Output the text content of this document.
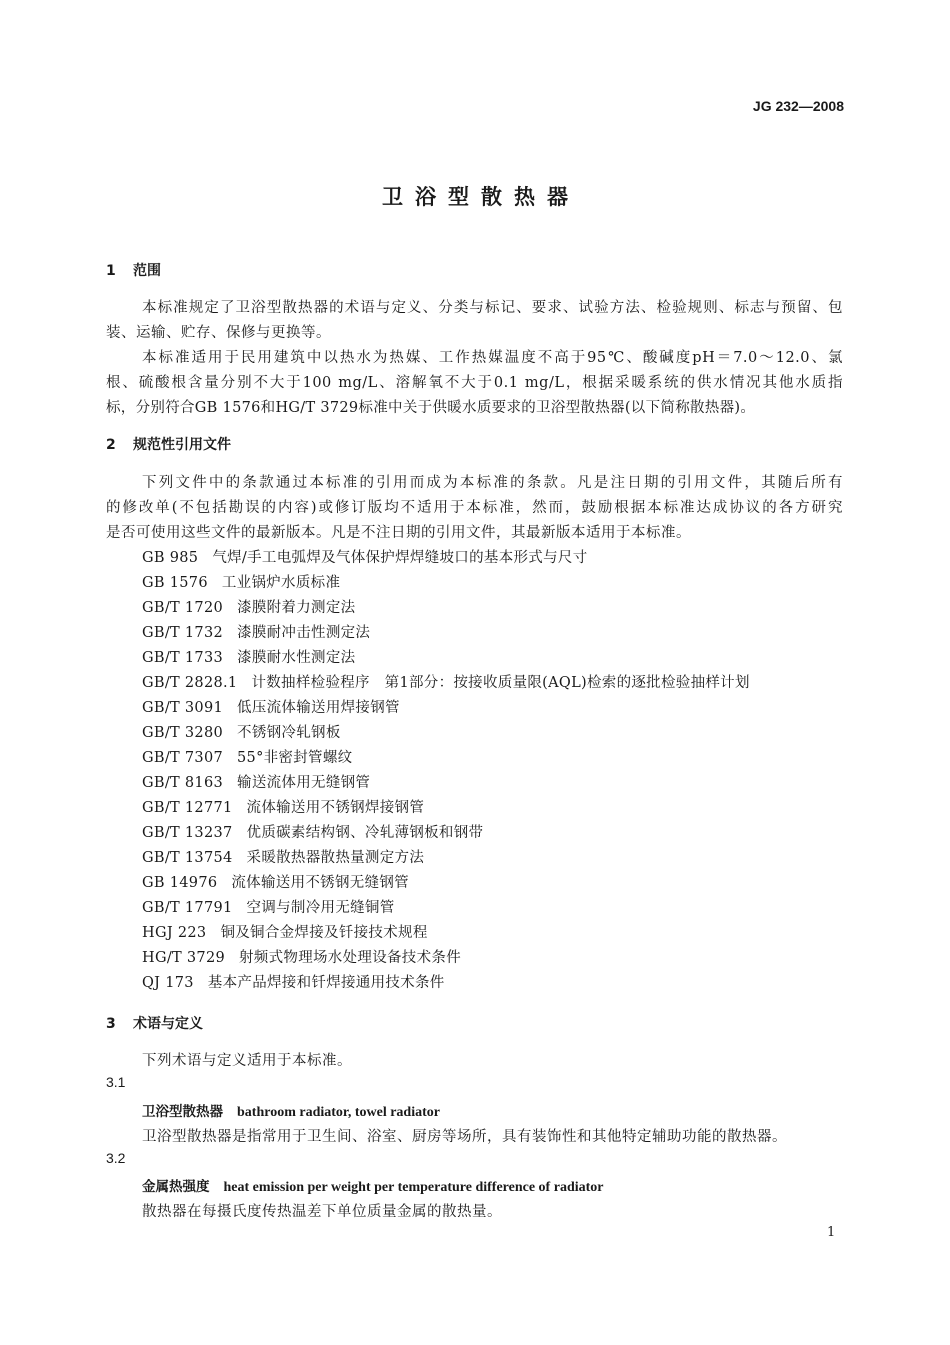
JG 232—2008
卫浴型散热器
1 范围
本标准规定了卫浴型散热器的术语与定义、分类与标记、要求、试验方法、检验规则、标志与预留、包
装、运输、贮存、保修与更换等。
本标准适用于民用建筑中以热水为热媒、工作热媒温度不高于95℃、酸碱度pH＝7.0～12.0、氯
根、硫酸根含量分别不大于100 mg/L、溶解氧不大于0.1 mg/L，根据采暖系统的供水情况其他水质指
标，分别符合GB 1576和HG/T 3729标准中关于供暖水质要求的卫浴型散热器(以下简称散热器)。
2 规范性引用文件
下列文件中的条款通过本标准的引用而成为本标准的条款。凡是注日期的引用文件，其随后所有
的修改单(不包括勘误的内容)或修订版均不适用于本标准，然而，鼓励根据本标准达成协议的各方研究
是否可使用这些文件的最新版本。凡是不注日期的引用文件，其最新版本适用于本标准。
GB 985 气焊/手工电弧焊及气体保护焊焊缝坡口的基本形式与尺寸
GB 1576 工业锅炉水质标准
GB/T 1720 漆膜附着力测定法
GB/T 1732 漆膜耐冲击性测定法
GB/T 1733 漆膜耐水性测定法
GB/T 2828.1 计数抽样检验程序　第1部分：按接收质量限(AQL)检索的逐批检验抽样计划
GB/T 3091 低压流体输送用焊接钢管
GB/T 3280 不锈钢冷轧钢板
GB/T 7307 55°非密封管螺纹
GB/T 8163 输送流体用无缝钢管
GB/T 12771 流体输送用不锈钢焊接钢管
GB/T 13237 优质碳素结构钢、冷轧薄钢板和钢带
GB/T 13754 采暖散热器散热量测定方法
GB 14976 流体输送用不锈钢无缝钢管
GB/T 17791 空调与制冷用无缝铜管
HGJ 223 铜及铜合金焊接及钎接技术规程
HG/T 3729 射频式物理场水处理设备技术条件
QJ 173 基本产品焊接和钎焊接通用技术条件
3 术语与定义
下列术语与定义适用于本标准。
3.1
卫浴型散热器 bathroom radiator, towel radiator
卫浴型散热器是指常用于卫生间、浴室、厨房等场所，具有装饰性和其他特定辅助功能的散热器。
3.2
金属热强度 heat emission per weight per temperature difference of radiator
散热器在每摄氏度传热温差下单位质量金属的散热量。
1
